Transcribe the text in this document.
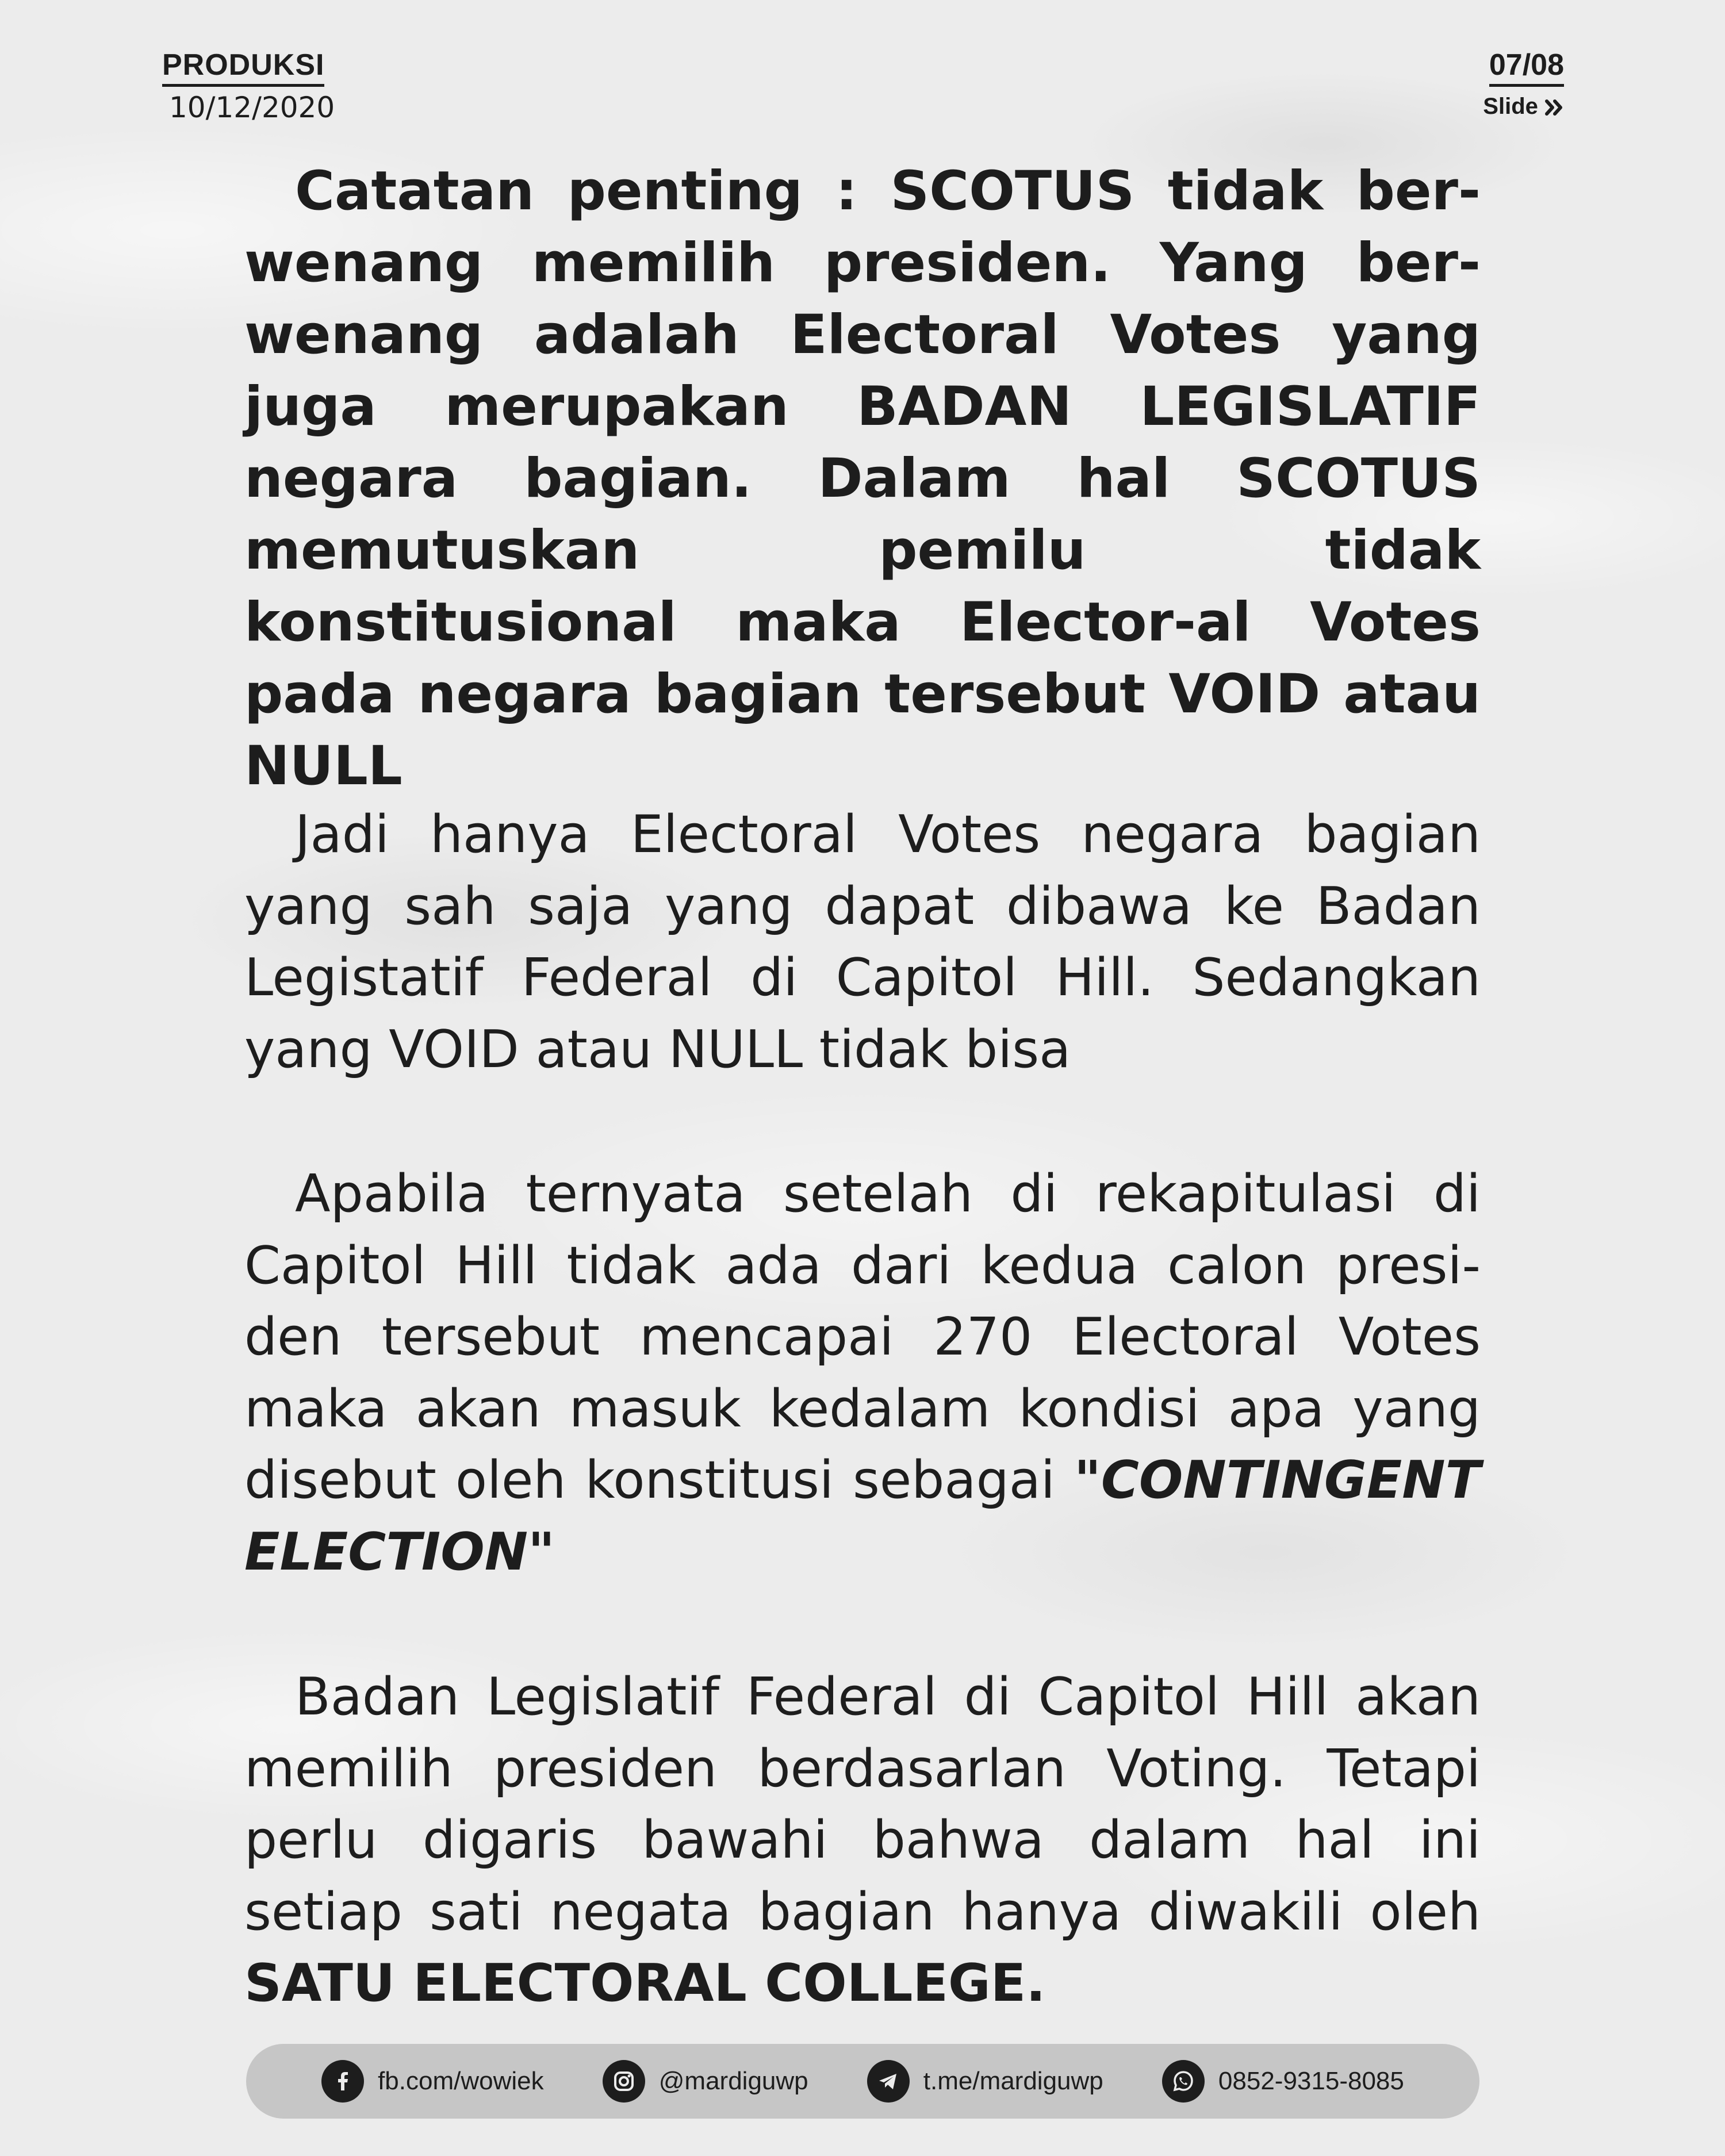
PRODUKSI
10/12/2020
07/08
Slide

Catatan penting : SCOTUS tidak ber-wenang memilih presiden. Yang ber-wenang adalah Electoral Votes yang juga merupakan BADAN LEGISLATIF negara bagian. Dalam hal SCOTUS memutuskan pemilu tidak konstitusional maka Elector-al Votes pada negara bagian tersebut VOID atau NULL

Jadi hanya Electoral Votes negara bagian yang sah saja yang dapat dibawa ke Badan Legistatif Federal di Capitol Hill. Sedangkan yang VOID atau NULL tidak bisa

Apabila ternyata setelah di rekapitulasi di Capitol Hill tidak ada dari kedua calon presi-den tersebut mencapai 270 Electoral Votes maka akan masuk kedalam kondisi apa yang disebut oleh konstitusi sebagai "CONTINGENT ELECTION"

Badan Legislatif Federal di Capitol Hill akan memilih presiden berdasarlan Voting. Tetapi perlu digaris bawahi bahwa dalam hal ini setiap sati negata bagian hanya diwakili oleh SATU ELECTORAL COLLEGE.

fb.com/wowiek	@mardiguwp	t.me/mardiguwp	0852-9315-8085
